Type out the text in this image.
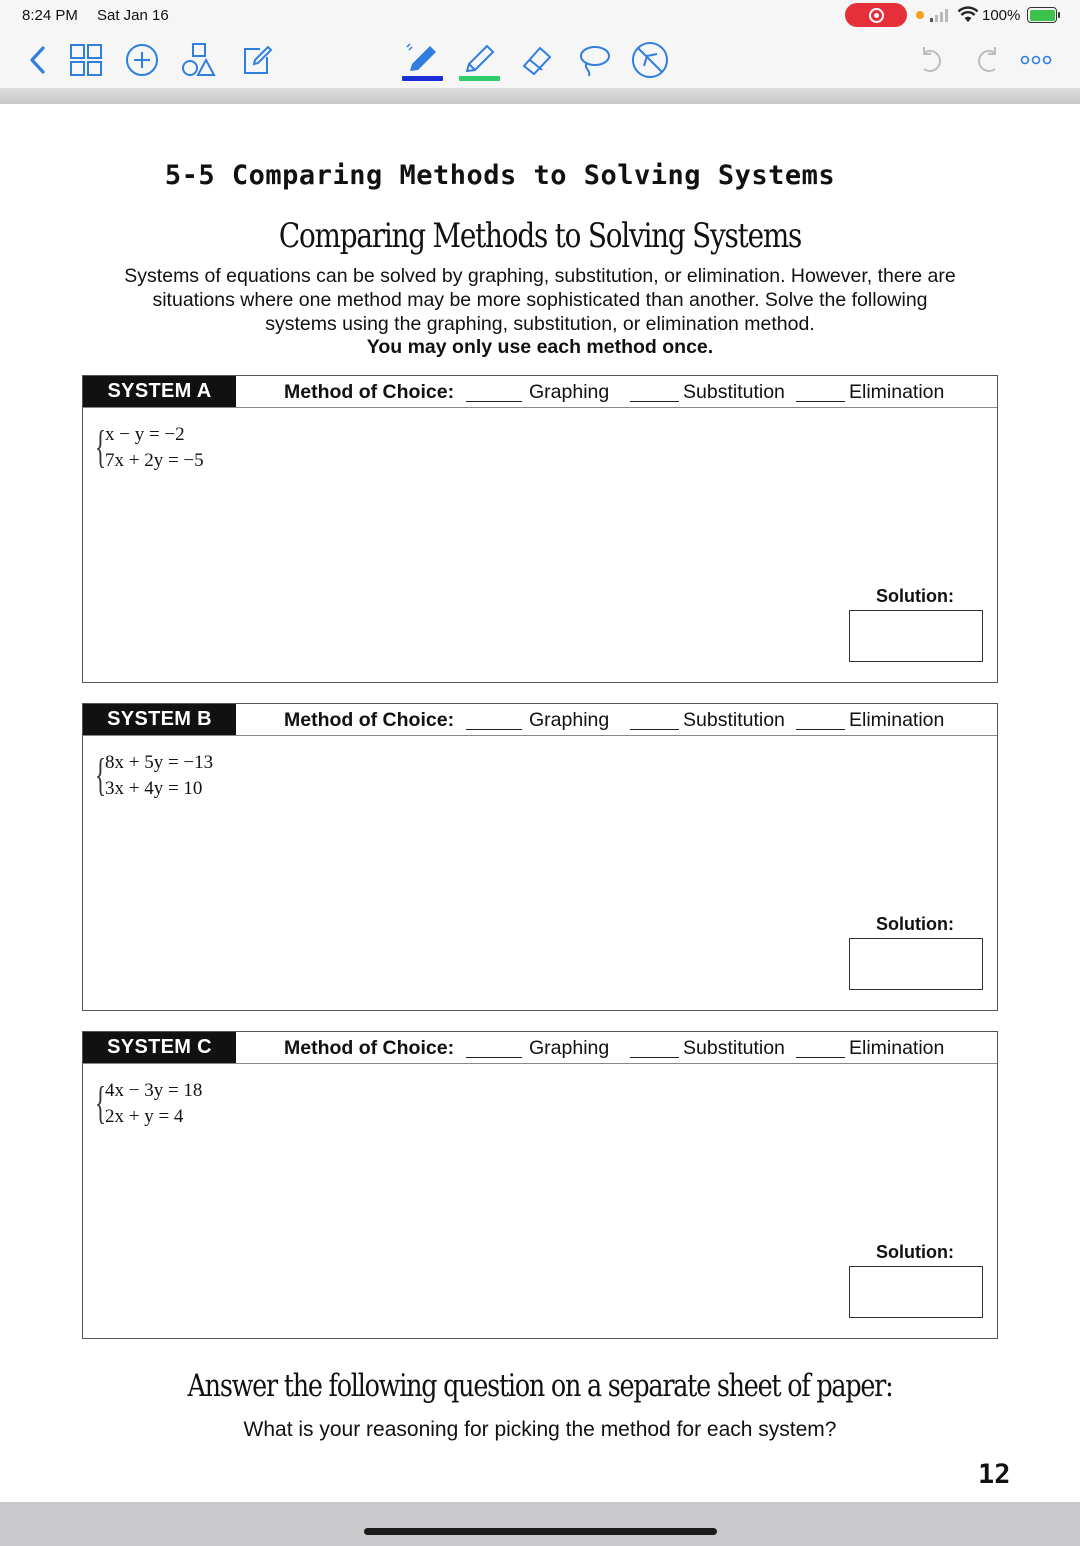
8:24 PM Sat Jan 16	100%
5-5 Comparing Methods to Solving Systems
Comparing Methods to Solving Systems
Systems of equations can be solved by graphing, substitution, or elimination. However, there are situations where one method may be more sophisticated than another. Solve the following systems using the graphing, substitution, or elimination method.
You may only use each method once.
SYSTEM A	Method of Choice:	Graphing	Substitution	Elimination
{
x − y = −2
7x + 2y = −5
Solution:
SYSTEM B	Method of Choice:	Graphing	Substitution	Elimination
{
8x + 5y = −13
3x + 4y = 10
Solution:
SYSTEM C	Method of Choice:	Graphing	Substitution	Elimination
{
4x − 3y = 18
2x + y = 4
Solution:
Answer the following question on a separate sheet of paper:
What is your reasoning for picking the method for each system?
12
